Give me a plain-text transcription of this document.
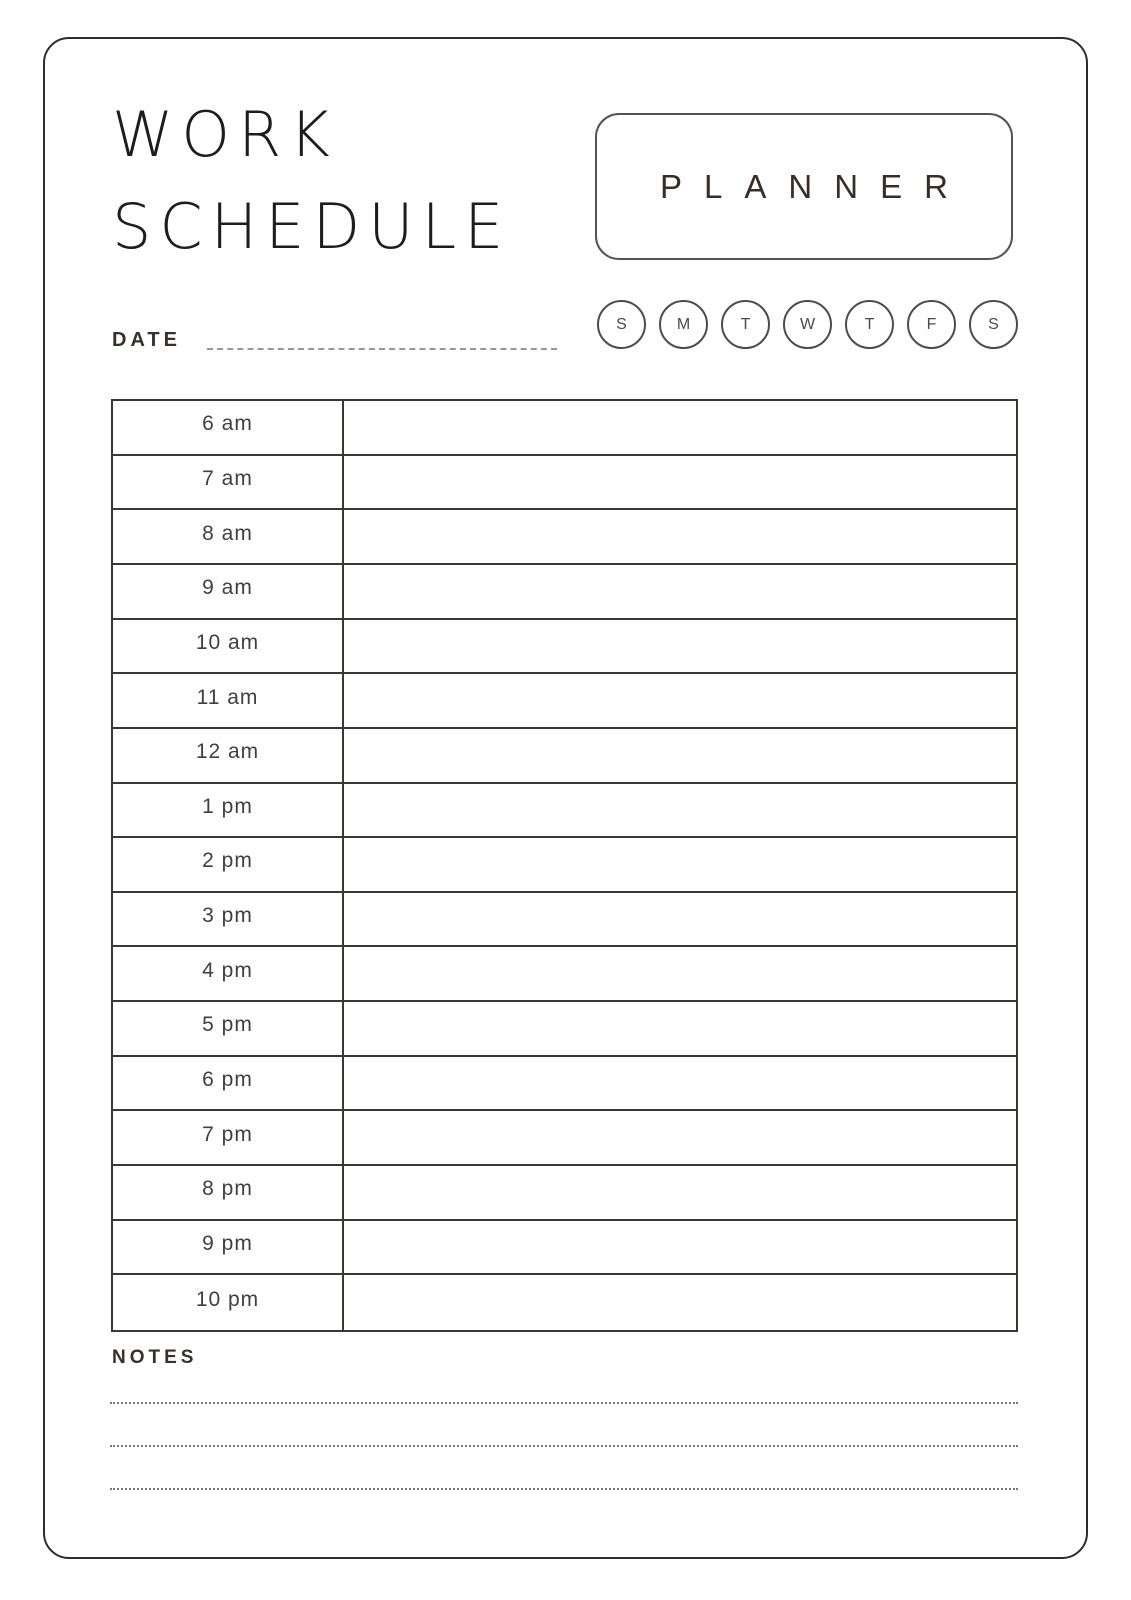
WORK
SCHEDULE
PLANNER
DATE
S	M	T	W	T	F	S
6 am
7 am
8 am
9 am
10 am
11 am
12 am
1 pm
2 pm
3 pm
4 pm
5 pm
6 pm
7 pm
8 pm
9 pm
10 pm
NOTES
